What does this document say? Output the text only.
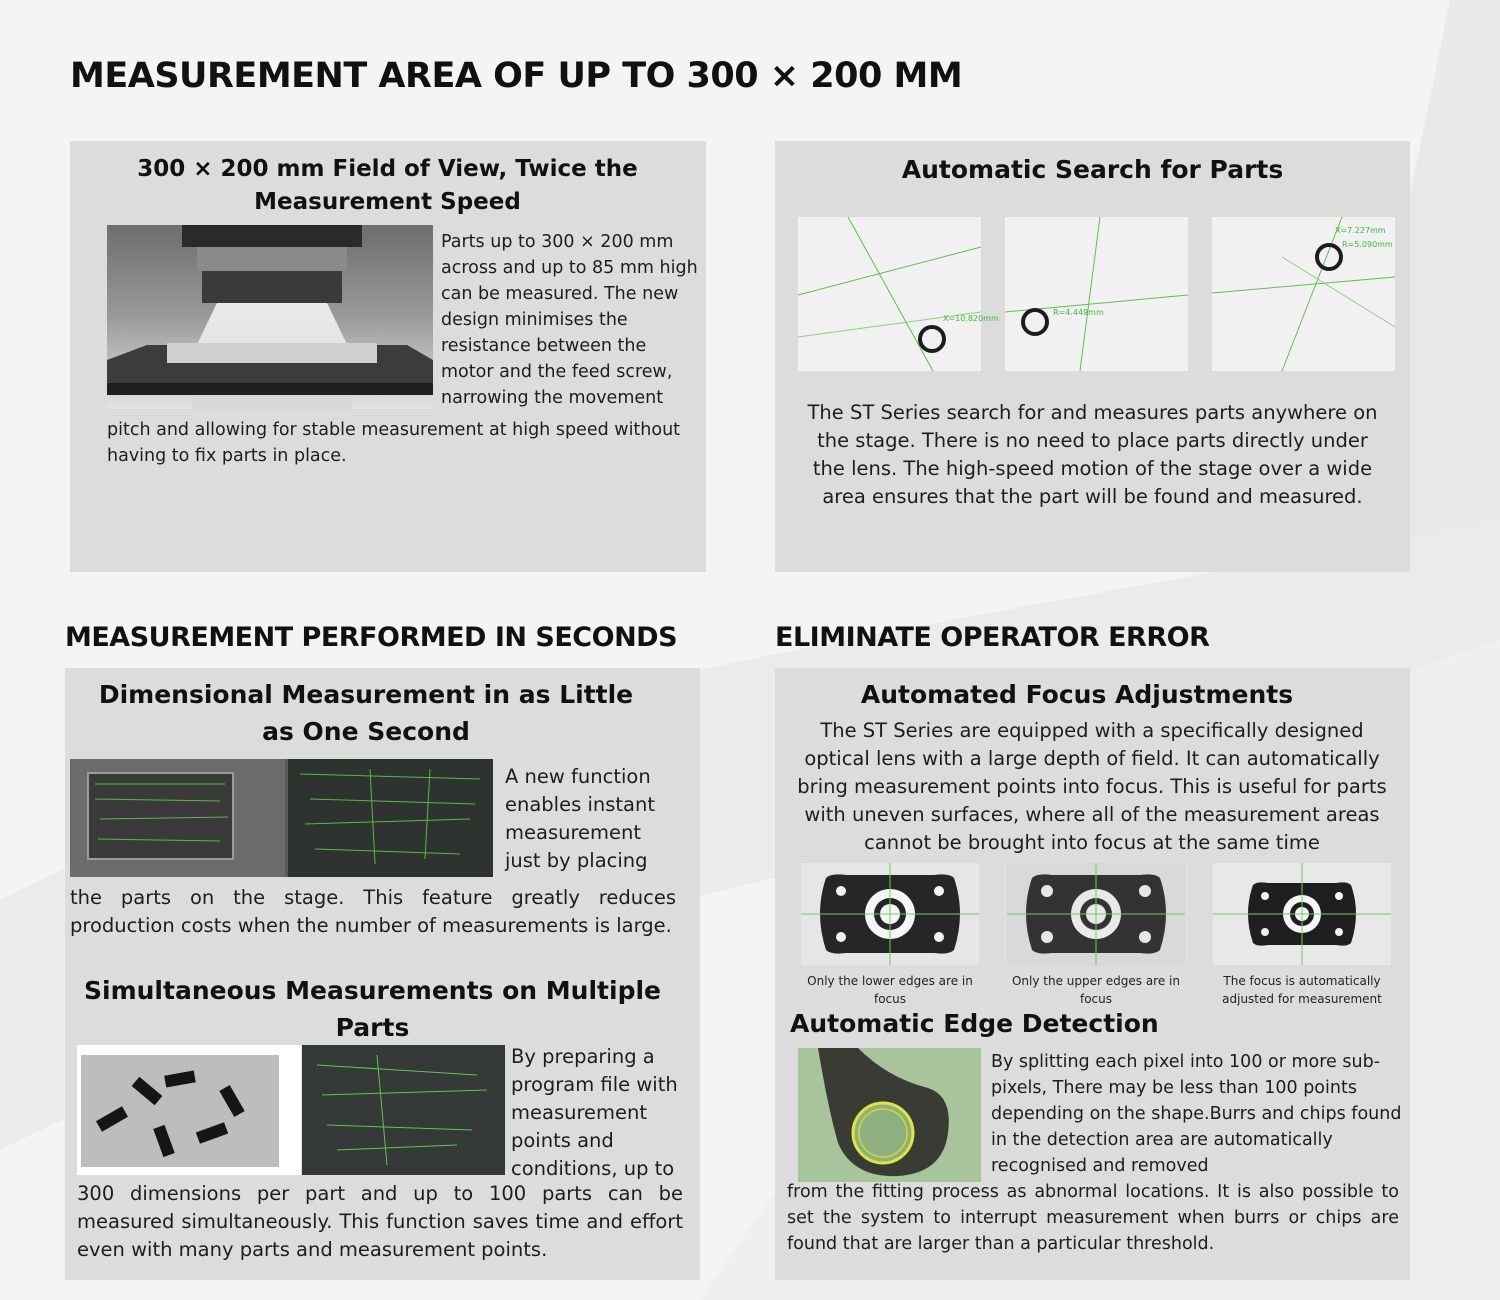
MEASUREMENT AREA OF UP TO 300 × 200 MM
300 × 200 mm Field of View, Twice the Measurement Speed
Parts up to 300 × 200 mm across and up to 85 mm high can be measured. The new design minimises the resistance between the motor and the feed screw, narrowing the movement
pitch and allowing for stable measurement at high speed without having to fix parts in place.
Automatic Search for Parts
X=10.820mm
R=4.449mm
X=7.227mm
R=5.090mm
The ST Series search for and measures parts anywhere on the stage. There is no need to place parts directly under the lens. The high-speed motion of the stage over a wide area ensures that the part will be found and measured.
MEASUREMENT PERFORMED IN SECONDS	ELIMINATE OPERATOR ERROR
Dimensional Measurement in as Little as One Second
A new function enables instant measurement just by placing
the parts on the stage. This feature greatly reduces production costs when the number of measurements is large.
Simultaneous Measurements on Multiple Parts
By preparing a program file with measurement points and conditions, up to
300 dimensions per part and up to 100 parts can be measured simultaneously. This function saves time and effort even with many parts and measurement points.
Automated Focus Adjustments
The ST Series are equipped with a specifically designed optical lens with a large depth of field. It can automatically bring measurement points into focus. This is useful for parts with uneven surfaces, where all of the measurement areas cannot be brought into focus at the same time
Only the lower edges are in focus
Only the upper edges are in focus
The focus is automatically adjusted for measurement
Automatic Edge Detection
By splitting each pixel into 100 or more sub-pixels, There may be less than 100 points depending on the shape.Burrs and chips found in the detection area are automatically recognised and removed
from the fitting process as abnormal locations. It is also possible to set the system to interrupt measurement when burrs or chips are found that are larger than a particular threshold.
